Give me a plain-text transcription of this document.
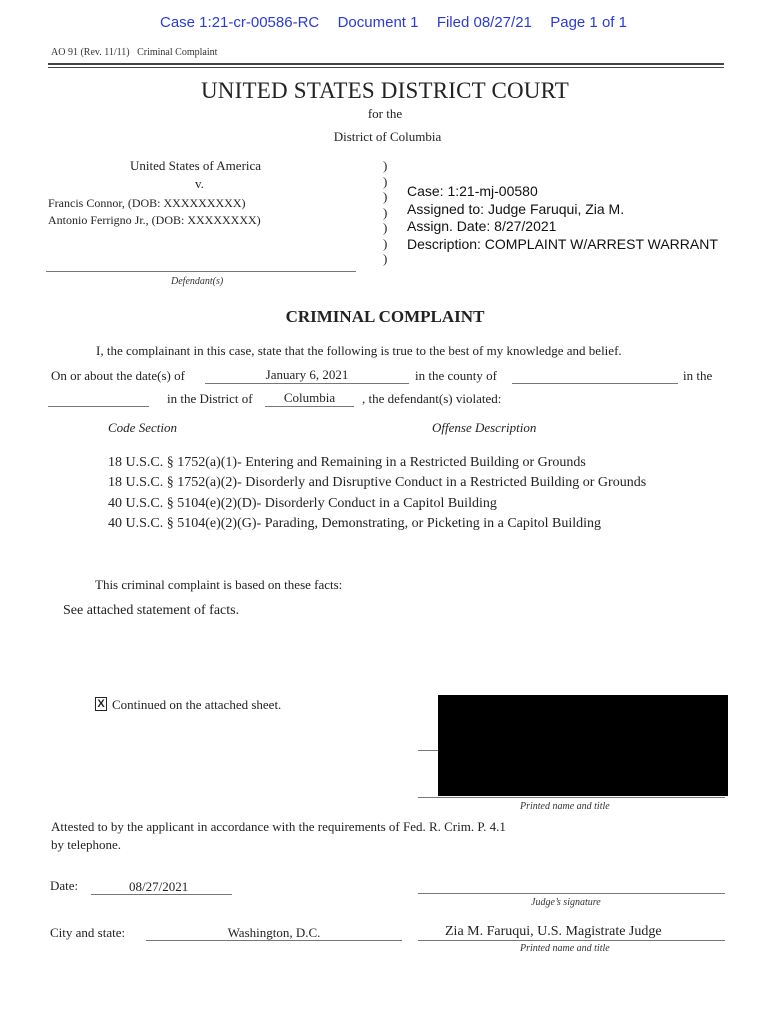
Case 1:21-cr-00586-RC Document 1 Filed 08/27/21 Page 1 of 1
AO 91 (Rev. 11/11)   Criminal Complaint
UNITED STATES DISTRICT COURT
for the
District of Columbia
United States of America
v.
Francis Connor, (DOB: XXXXXXXXX)
Antonio Ferrigno Jr., (DOB: XXXXXXXX)
Defendant(s)
)
)
)
)
)
)
)
Case: 1:21-mj-00580
Assigned to: Judge Faruqui, Zia M.
Assign. Date: 8/27/2021
Description: COMPLAINT W/ARREST WARRANT
CRIMINAL COMPLAINT
I, the complainant in this case, state that the following is true to the best of my knowledge and belief.
On or about the date(s) of	January 6, 2021	in the county of	in the
in the District of	Columbia	, the defendant(s) violated:
Code Section	Offense Description
18 U.S.C. § 1752(a)(1)- Entering and Remaining in a Restricted Building or Grounds
18 U.S.C. § 1752(a)(2)- Disorderly and Disruptive Conduct in a Restricted Building or Grounds
40 U.S.C. § 5104(e)(2)(D)- Disorderly Conduct in a Capitol Building
40 U.S.C. § 5104(e)(2)(G)- Parading, Demonstrating, or Picketing in a Capitol Building
This criminal complaint is based on these facts:
See attached statement of facts.
X Continued on the attached sheet.
Printed name and title
Attested to by the applicant in accordance with the requirements of Fed. R. Crim. P. 4.1
by telephone.
Date:	08/27/2021
Judge’s signature
City and state:	Washington, D.C.	Zia M. Faruqui, U.S. Magistrate Judge
Printed name and title
